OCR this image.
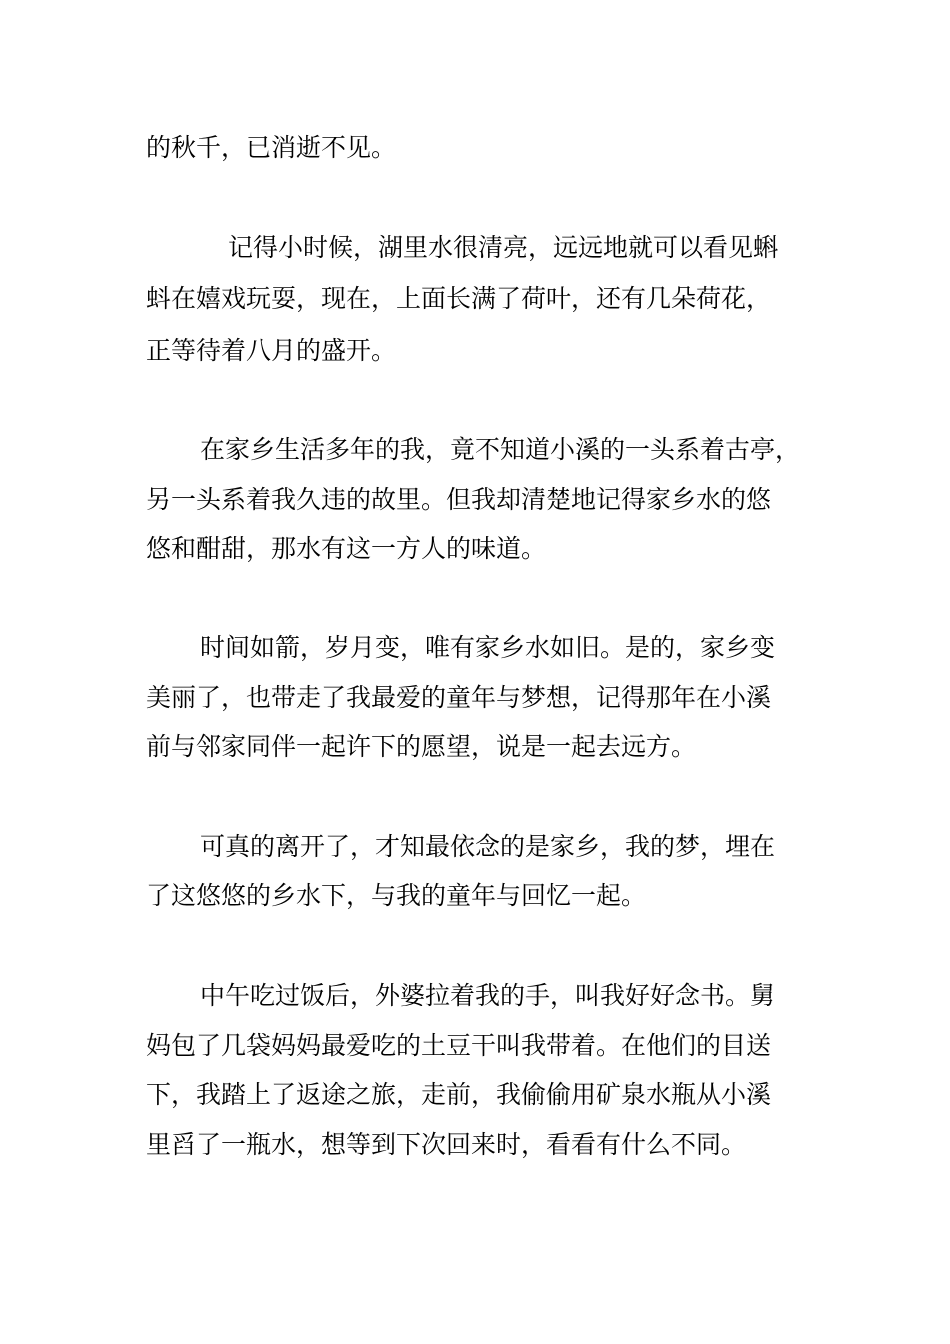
的秋千，已消逝不见。
记得小时候，湖里水很清亮，远远地就可以看见蝌
蚪在嬉戏玩耍，现在，上面长满了荷叶，还有几朵荷花，
正等待着八月的盛开。
在家乡生活多年的我，竟不知道小溪的一头系着古亭，
另一头系着我久违的故里。但我却清楚地记得家乡水的悠
悠和酣甜，那水有这一方人的味道。
时间如箭，岁月变，唯有家乡水如旧。是的，家乡变
美丽了，也带走了我最爱的童年与梦想，记得那年在小溪
前与邻家同伴一起许下的愿望，说是一起去远方。
可真的离开了，才知最依念的是家乡，我的梦，埋在
了这悠悠的乡水下，与我的童年与回忆一起。
中午吃过饭后，外婆拉着我的手，叫我好好念书。舅
妈包了几袋妈妈最爱吃的土豆干叫我带着。在他们的目送
下，我踏上了返途之旅，走前，我偷偷用矿泉水瓶从小溪
里舀了一瓶水，想等到下次回来时，看看有什么不同。
